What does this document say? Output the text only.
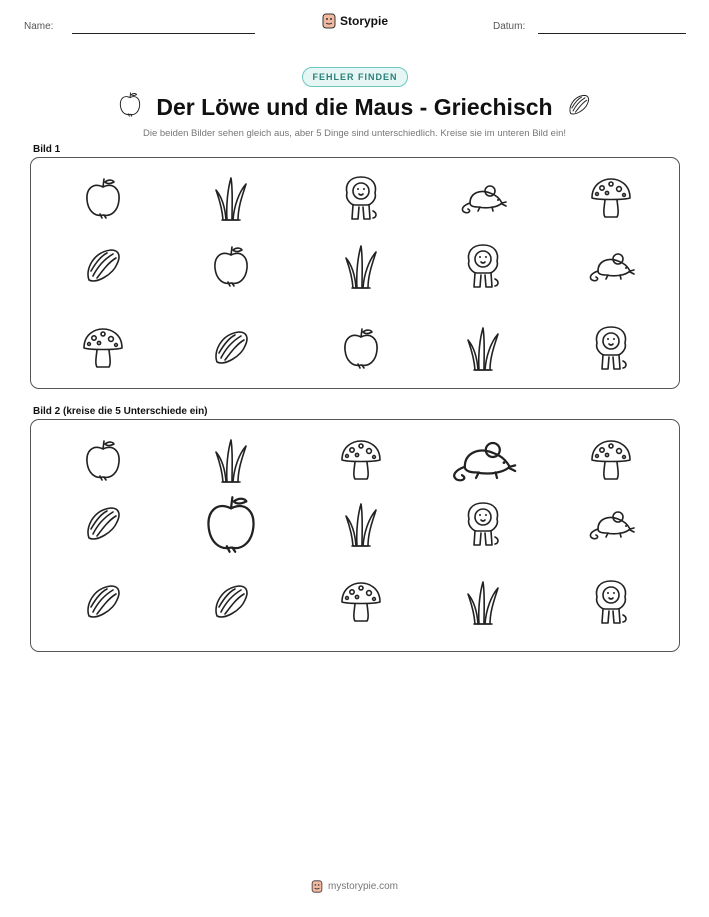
Name:	Storypie	Datum:
FEHLER FINDEN
Der Löwe und die Maus - Griechisch
Die beiden Bilder sehen gleich aus, aber 5 Dinge sind unterschiedlich. Kreise sie im unteren Bild ein!
Bild 1
Bild 2 (kreise die 5 Unterschiede ein)
mystorypie.com
